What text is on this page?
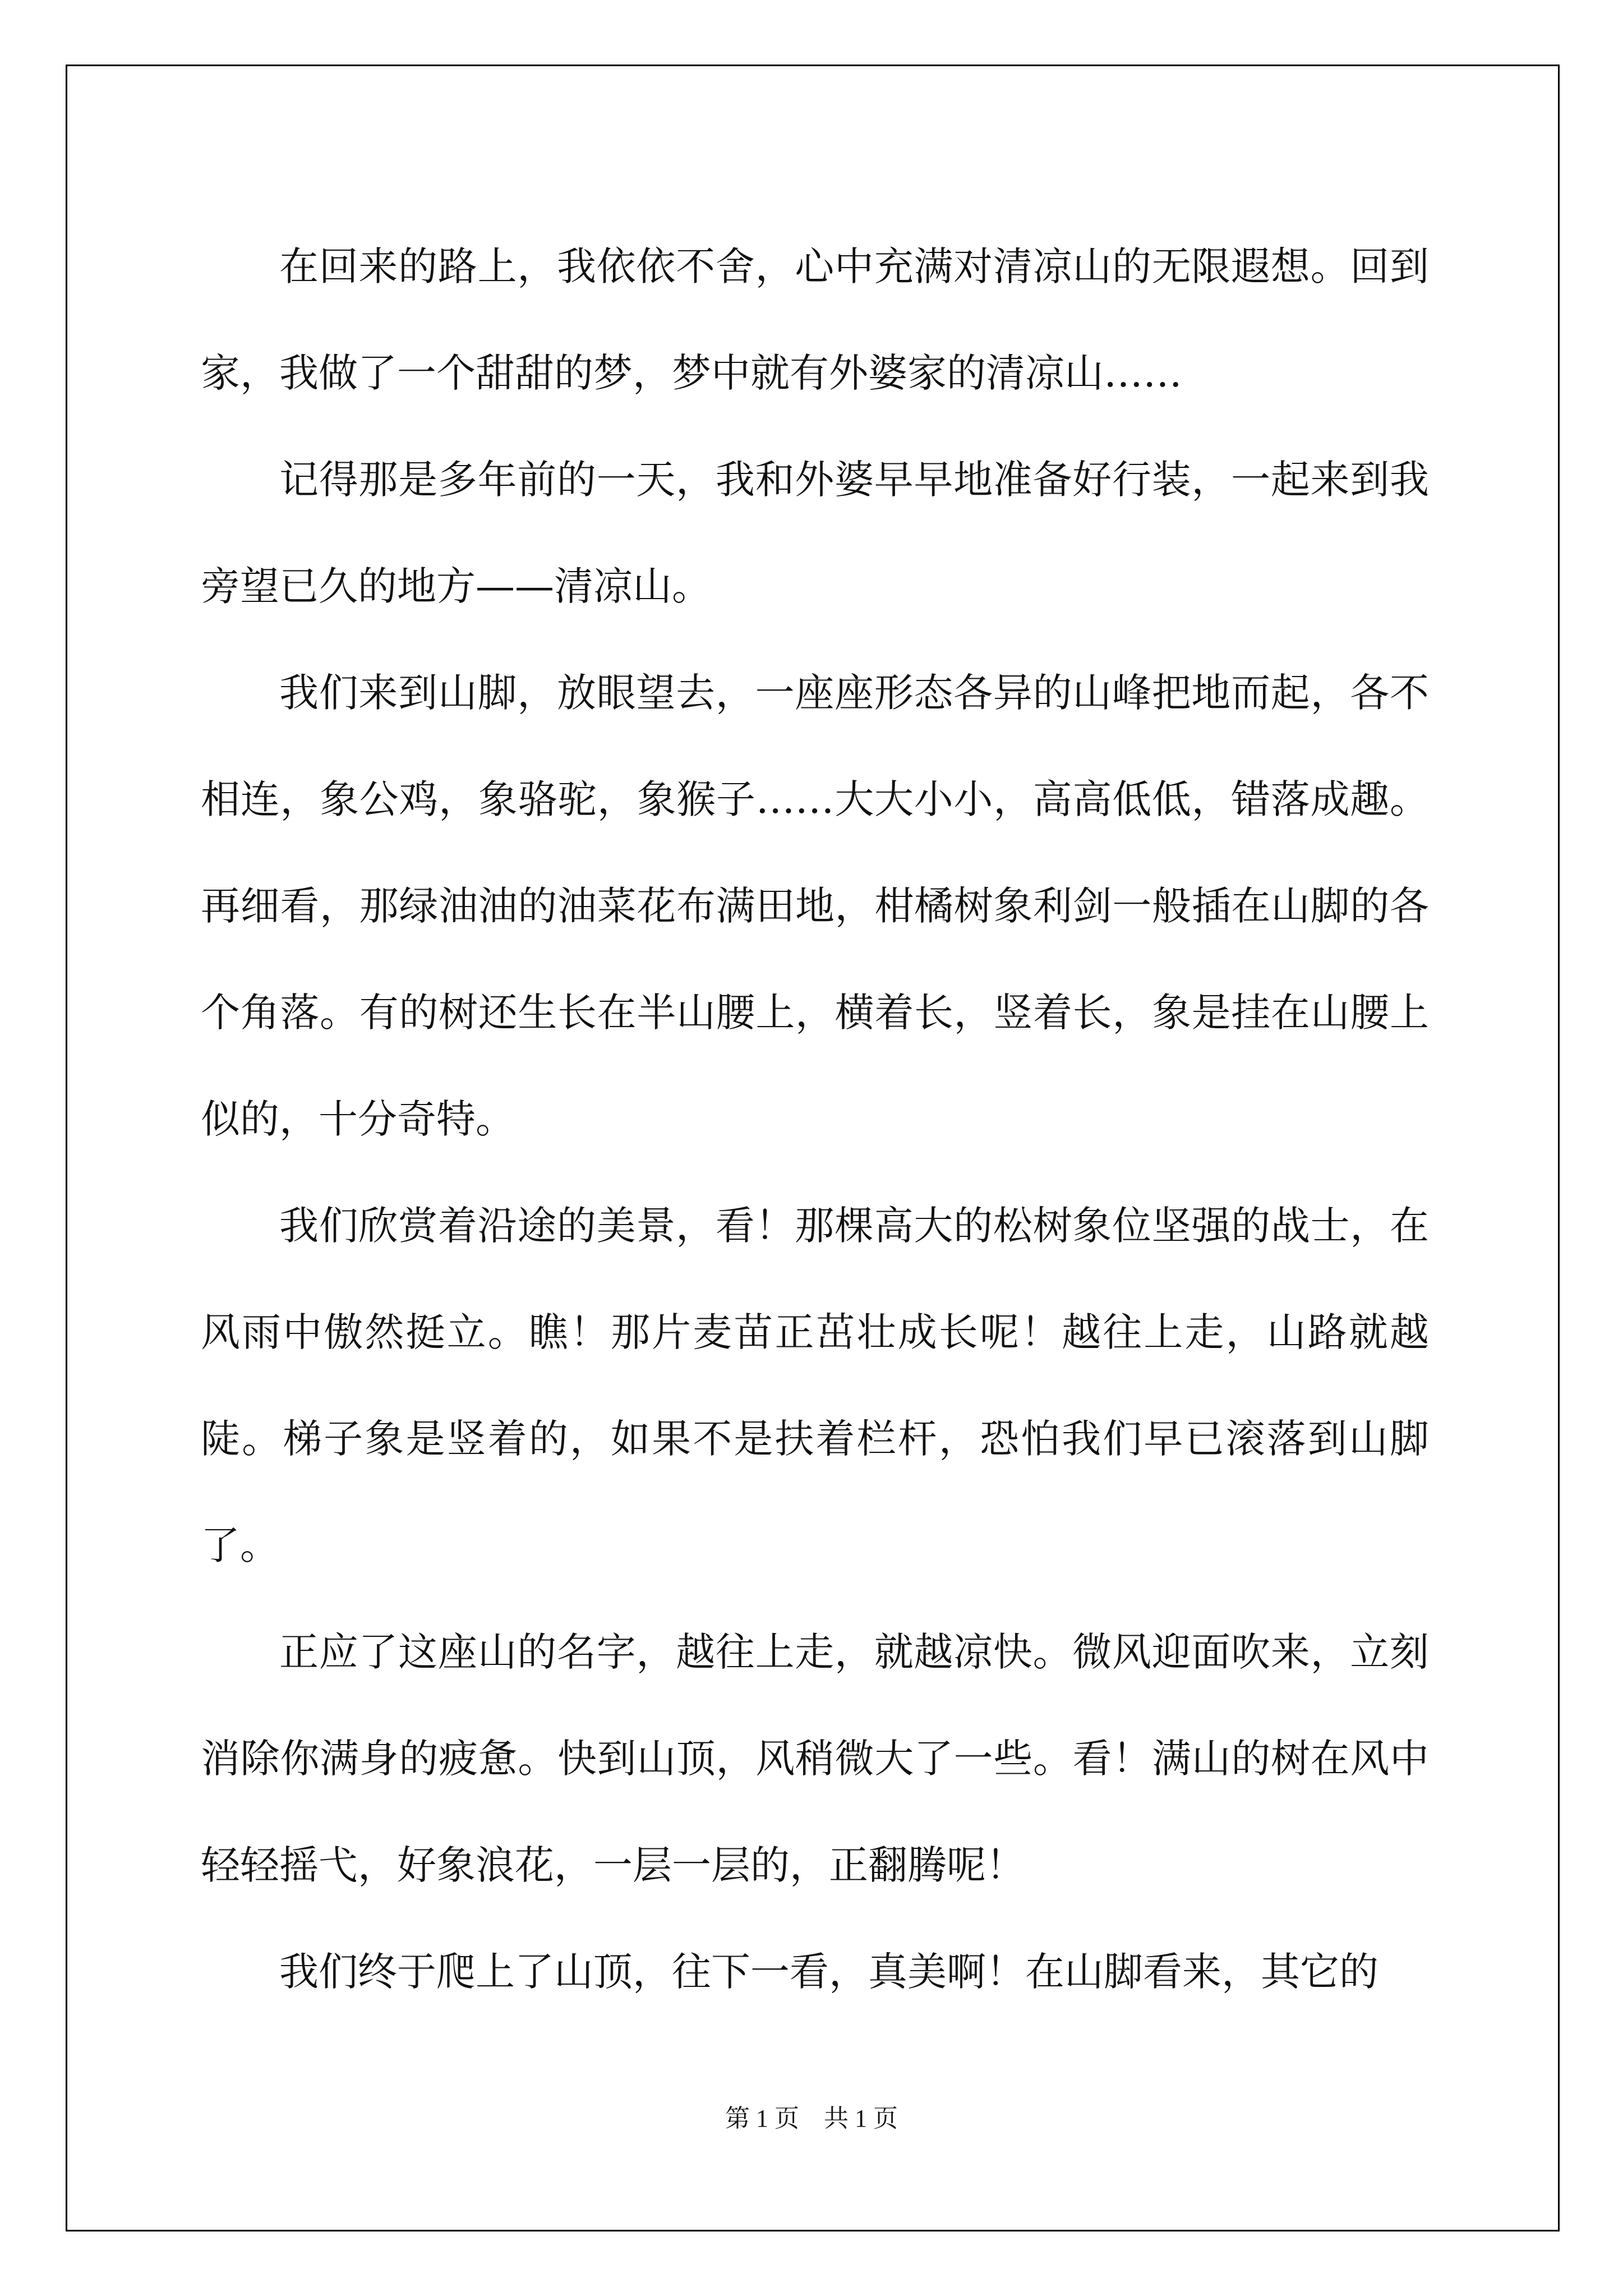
在回来的路上，我依依不舍，心中充满对清凉山的无限遐想。回到家，我做了一个甜甜的梦，梦中就有外婆家的清凉山……

记得那是多年前的一天，我和外婆早早地准备好行装，一起来到我旁望已久的地方——清凉山。

我们来到山脚，放眼望去，一座座形态各异的山峰把地而起，各不相连，象公鸡，象骆驼，象猴子……大大小小，高高低低，错落成趣。再细看，那绿油油的油菜花布满田地，柑橘树象利剑一般插在山脚的各个角落。有的树还生长在半山腰上，横着长，竖着长，象是挂在山腰上似的，十分奇特。

我们欣赏着沿途的美景，看！那棵高大的松树象位坚强的战士，在风雨中傲然挺立。瞧！那片麦苗正茁壮成长呢！越往上走，山路就越陡。梯子象是竖着的，如果不是扶着栏杆，恐怕我们早已滚落到山脚了。

正应了这座山的名字，越往上走，就越凉快。微风迎面吹来，立刻消除你满身的疲惫。快到山顶，风稍微大了一些。看！满山的树在风中轻轻摇弋，好象浪花，一层一层的，正翻腾呢！

我们终于爬上了山顶，往下一看，真美啊！在山脚看来，其它的

第 1 页 共 1 页
